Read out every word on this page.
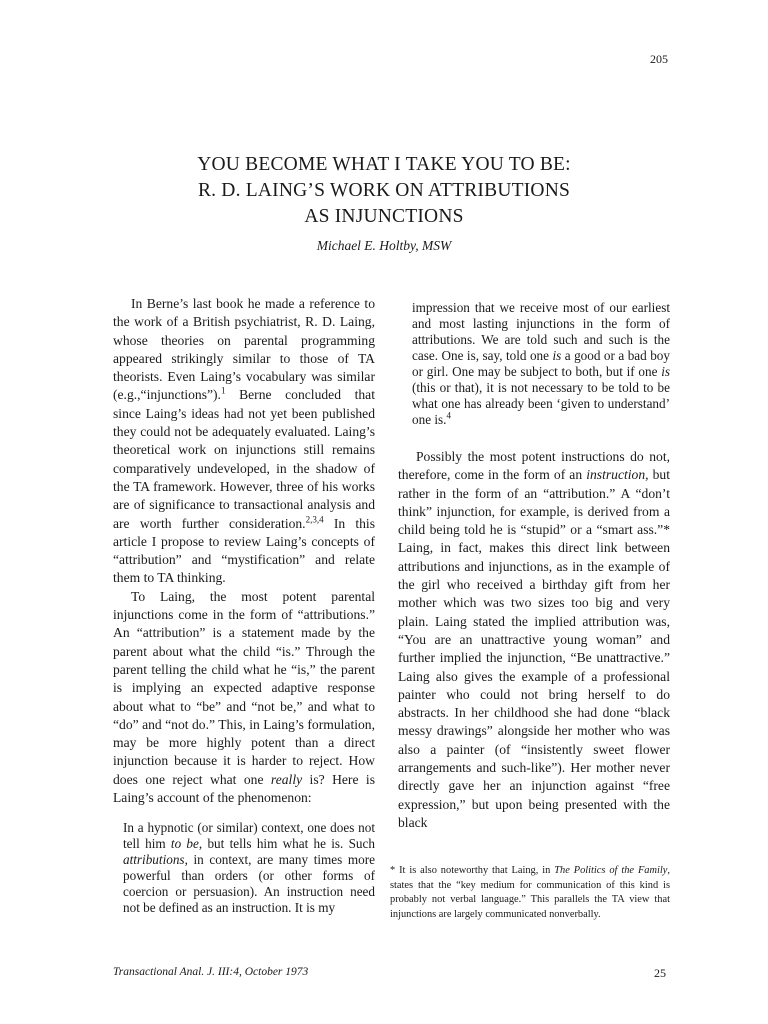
205
YOU BECOME WHAT I TAKE YOU TO BE:
R. D. LAING’S WORK ON ATTRIBUTIONS
AS INJUNCTIONS
Michael E. Holtby, MSW

In Berne’s last book he made a reference to the work of a British psychiatrist, R. D. Laing, whose theories on parental programming appeared strikingly similar to those of TA theorists. Even Laing’s vocabulary was similar (e.g.,“injunctions”).$^1$ Berne concluded that since Laing’s ideas had not yet been published they could not be adequately evaluated. Laing’s theoretical work on injunctions still remains comparatively undeveloped, in the shadow of the TA framework. However, three of his works are of significance to transactional analysis and are worth further consideration.$^{2,3,4}$ In this article I propose to review Laing’s concepts of “attribution” and “mystification” and relate them to TA thinking.

To Laing, the most potent parental injunctions come in the form of “attributions.” An “attribution” is a statement made by the parent about what the child “is.” Through the parent telling the child what he “is,” the parent is implying an expected adaptive response about what to “be” and “not be,” and what to “do” and “not do.” This, in Laing’s formulation, may be more highly potent than a direct injunction because it is harder to reject. How does one reject what one really is? Here is Laing’s account of the phenomenon:

In a hypnotic (or similar) context, one does not tell him to be, but tells him what he is. Such attributions, in context, are many times more powerful than orders (or other forms of coercion or persuasion). An instruction need not be defined as an instruction. It is my

impression that we receive most of our earliest and most lasting injunctions in the form of attributions. We are told such and such is the case. One is, say, told one is a good or a bad boy or girl. One may be subject to both, but if one is (this or that), it is not necessary to be told to be what one has already been ‘given to understand’ one is.$^4$

Possibly the most potent instructions do not, therefore, come in the form of an instruction, but rather in the form of an “attribution.” A “don’t think” injunction, for example, is derived from a child being told he is “stupid” or a “smart ass.”* Laing, in fact, makes this direct link between attributions and injunctions, as in the example of the girl who received a birthday gift from her mother which was two sizes too big and very plain. Laing stated the implied attribution was, “You are an unattractive young woman” and further implied the injunction, “Be unattractive.” Laing also gives the example of a professional painter who could not bring herself to do abstracts. In her childhood she had done “black messy drawings” alongside her mother who was also a painter (of “insistently sweet flower arrangements and such-like”). Her mother never directly gave her an injunction against “free expression,” but upon being presented with the black

* It is also noteworthy that Laing, in The Politics of the Family, states that the “key medium for communication of this kind is probably not verbal language.” This parallels the TA view that injunctions are largely communicated nonverbally.
Transactional Anal. J. III:4, October 1973	25
